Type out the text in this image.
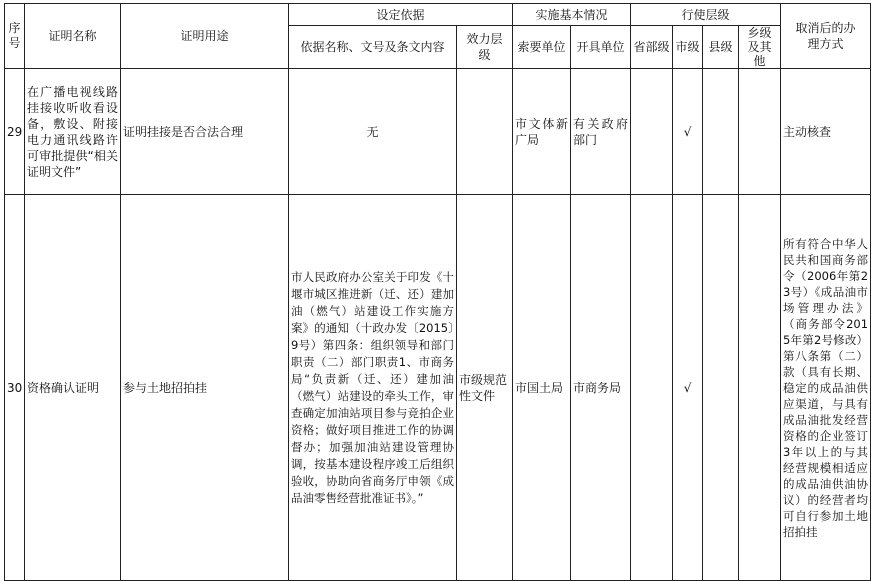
序号	证明名称	证明用途	设定依据		实施基本情况		行使层级				取消后的办理方式
			依据名称、文号及条文内容	效力层级	索要单位	开具单位	省部级	市级	县级	乡级及其他	
29	在广播电视线路挂接收听收看设备，敷设、附接电力通讯线路许可审批提供“相关证明文件”	证明挂接是否合法合理	无		市文体新广局	有关政府部门		√			主动核查
30	资格确认证明	参与土地招拍挂	市人民政府办公室关于印发《十堰市城区推进新（迁、还）建加油（燃气）站建设工作实施方案》的通知（十政办发〔2015〕9号）第四条：组织领导和部门职责（二）部门职责1、市商务局“负责新（迁、还）建加油（燃气）站建设的牵头工作，审查确定加油站项目参与竞拍企业资格；做好项目推进工作的协调督办；加强加油站建设管理协调，按基本建设程序竣工后组织验收，协助向省商务厅申领《成品油零售经营批准证书》。”	市级规范性文件	市国土局	市商务局		√			所有符合中华人民共和国商务部令（2006年第23号）《成品油市场管理办法》（商务部令2015年第2号修改）第八条第（二）款（具有长期、稳定的成品油供应渠道，与具有成品油批发经营资格的企业签订3年以上的与其经营规模相适应的成品油供油协议）的经营者均可自行参加土地招拍挂
